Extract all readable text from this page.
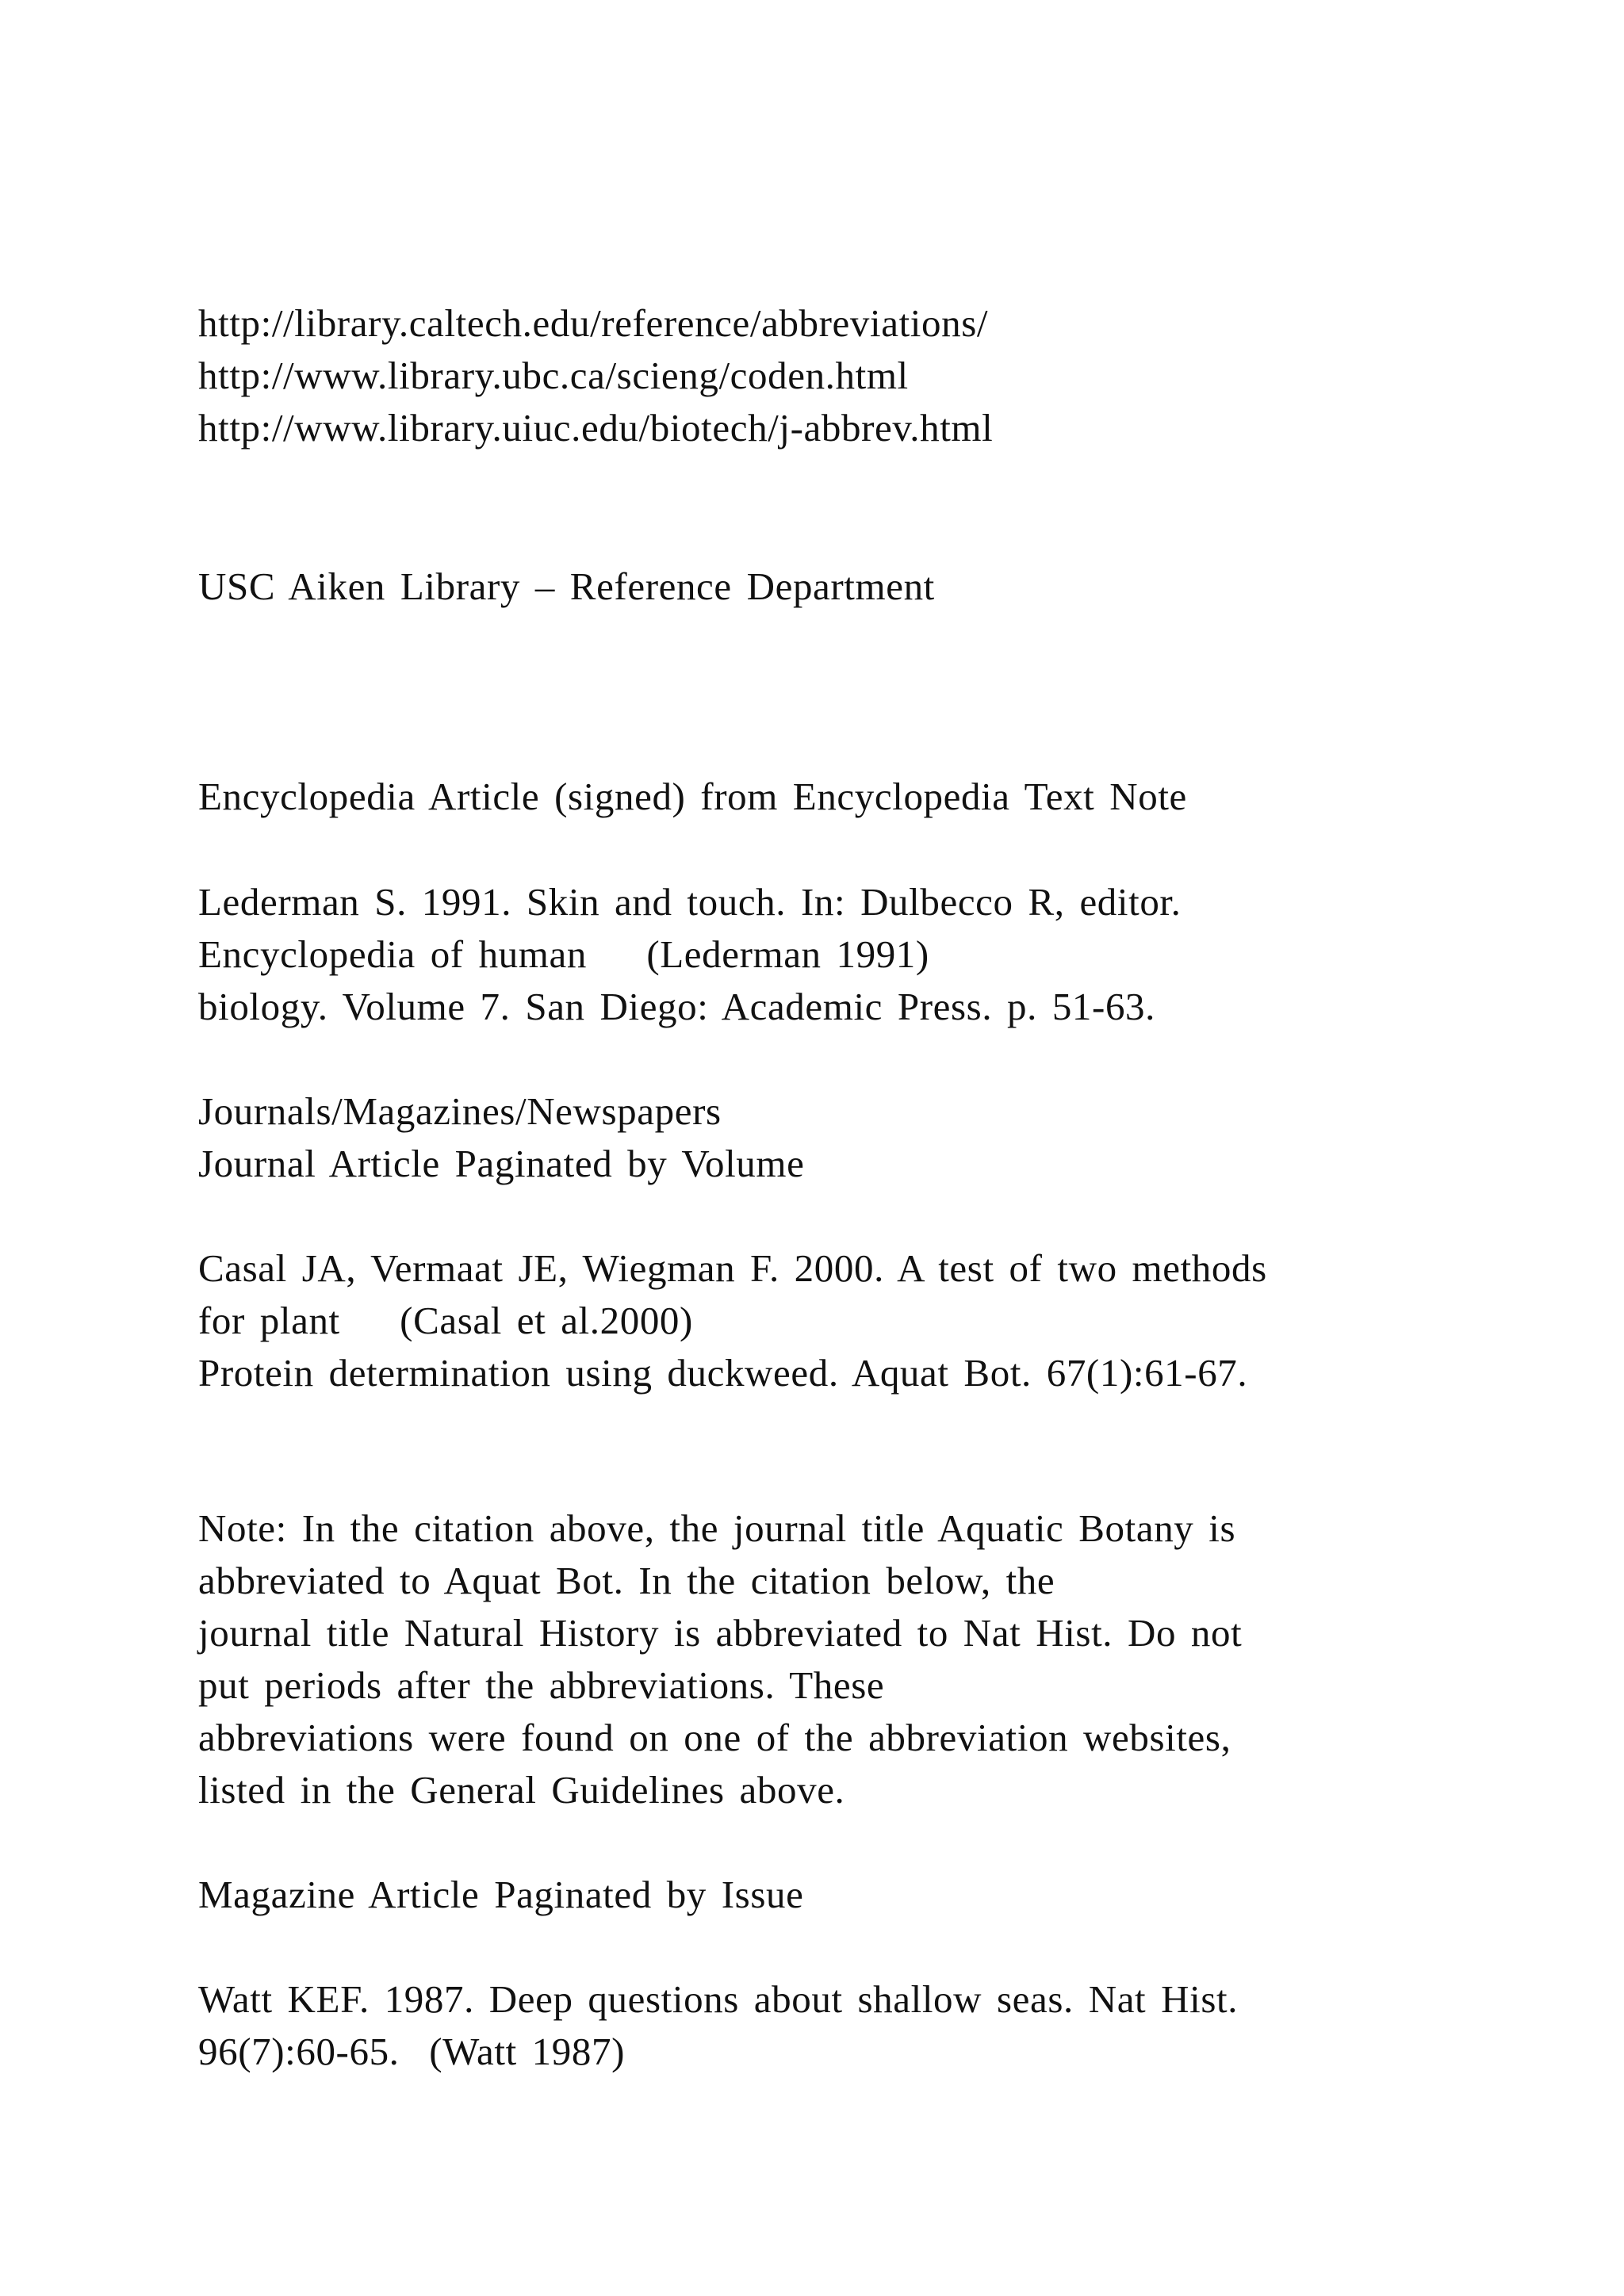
http://library.caltech.edu/reference/abbreviations/
http://www.library.ubc.ca/scieng/coden.html
http://www.library.uiuc.edu/biotech/j-abbrev.html
USC Aiken Library – Reference Department
Encyclopedia Article (signed) from Encyclopedia Text Note
Lederman S. 1991. Skin and touch. In: Dulbecco R, editor.
Encyclopedia of human    (Lederman 1991)
biology. Volume 7. San Diego: Academic Press. p. 51-63.
Journals/Magazines/Newspapers
Journal Article Paginated by Volume
Casal JA, Vermaat JE, Wiegman F. 2000. A test of two methods
for plant    (Casal et al.2000)
Protein determination using duckweed. Aquat Bot. 67(1):61-67.
Note: In the citation above, the journal title Aquatic Botany is
abbreviated to Aquat Bot. In the citation below, the
journal title Natural History is abbreviated to Nat Hist. Do not
put periods after the abbreviations. These
abbreviations were found on one of the abbreviation websites,
listed in the General Guidelines above.
Magazine Article Paginated by Issue
Watt KEF. 1987. Deep questions about shallow seas. Nat Hist.
96(7):60-65.  (Watt 1987)
